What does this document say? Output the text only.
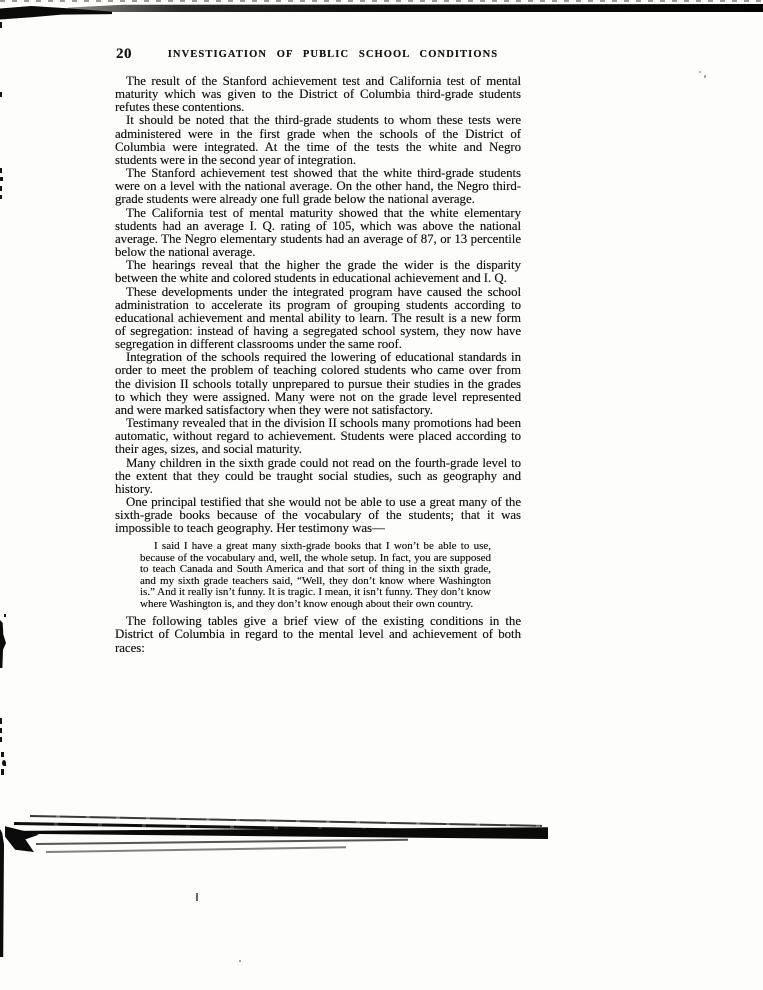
20	INVESTIGATION OF PUBLIC SCHOOL CONDITIONS

The result of the Stanford achievement test and California test of mental maturity which was given to the District of Columbia third-grade students refutes these contentions.

It should be noted that the third-grade students to whom these tests were administered were in the first grade when the schools of the District of Columbia were integrated. At the time of the tests the white and Negro students were in the second year of integration.

The Stanford achievement test showed that the white third-grade students were on a level with the national average. On the other hand, the Negro third-grade students were already one full grade below the national average.

The California test of mental maturity showed that the white elementary students had an average I. Q. rating of 105, which was above the national average. The Negro elementary students had an average of 87, or 13 percentile below the national average.

The hearings reveal that the higher the grade the wider is the disparity between the white and colored students in educational achievement and I. Q.

These developments under the integrated program have caused the school administration to accelerate its program of grouping students according to educational achievement and mental ability to learn. The result is a new form of segregation: instead of having a segregated school system, they now have segregation in different classrooms under the same roof.

Integration of the schools required the lowering of educational standards in order to meet the problem of teaching colored students who came over from the division II schools totally unprepared to pursue their studies in the grades to which they were assigned. Many were not on the grade level represented and were marked satisfactory when they were not satisfactory.

Testimany revealed that in the division II schools many promotions had been automatic, without regard to achievement. Students were placed according to their ages, sizes, and social maturity.

Many children in the sixth grade could not read on the fourth-grade level to the extent that they could be traught social studies, such as geography and history.

One principal testified that she would not be able to use a great many of the sixth-grade books because of the vocabulary of the students; that it was impossible to teach geography. Her testimony was—

I said I have a great many sixth-grade books that I won’t be able to use, because of the vocabulary and, well, the whole setup. In fact, you are supposed to teach Canada and South America and that sort of thing in the sixth grade, and my sixth grade teachers said, “Well, they don’t know where Washington is.” And it really isn’t funny. It is tragic. I mean, it isn’t funny. They don’t know where Washington is, and they don’t know enough about their own country.

The following tables give a brief view of the existing conditions in the District of Columbia in regard to the mental level and achievement of both races:
